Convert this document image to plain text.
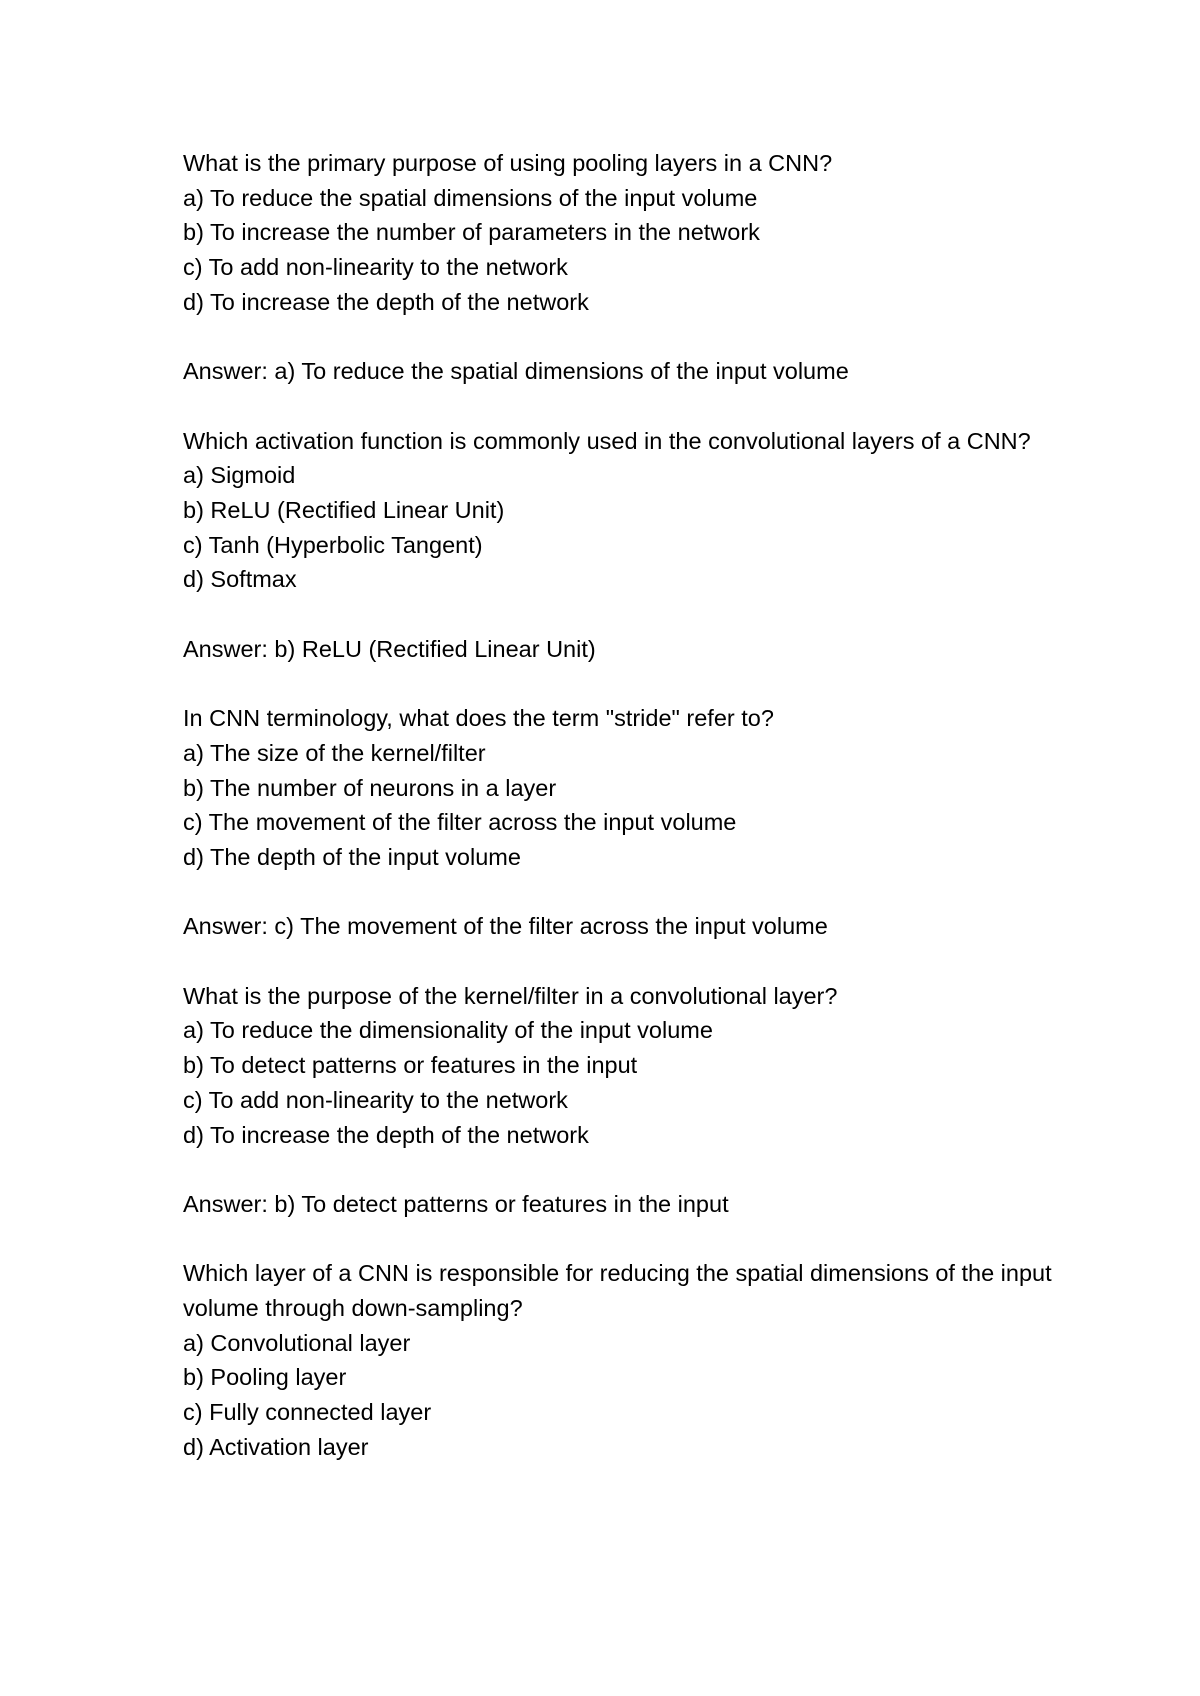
What is the primary purpose of using pooling layers in a CNN?
a) To reduce the spatial dimensions of the input volume
b) To increase the number of parameters in the network
c) To add non-linearity to the network
d) To increase the depth of the network
Answer: a) To reduce the spatial dimensions of the input volume
Which activation function is commonly used in the convolutional layers of a CNN?
a) Sigmoid
b) ReLU (Rectified Linear Unit)
c) Tanh (Hyperbolic Tangent)
d) Softmax
Answer: b) ReLU (Rectified Linear Unit)
In CNN terminology, what does the term "stride" refer to?
a) The size of the kernel/filter
b) The number of neurons in a layer
c) The movement of the filter across the input volume
d) The depth of the input volume
Answer: c) The movement of the filter across the input volume
What is the purpose of the kernel/filter in a convolutional layer?
a) To reduce the dimensionality of the input volume
b) To detect patterns or features in the input
c) To add non-linearity to the network
d) To increase the depth of the network
Answer: b) To detect patterns or features in the input
Which layer of a CNN is responsible for reducing the spatial dimensions of the input volume through down-sampling?
a) Convolutional layer
b) Pooling layer
c) Fully connected layer
d) Activation layer
